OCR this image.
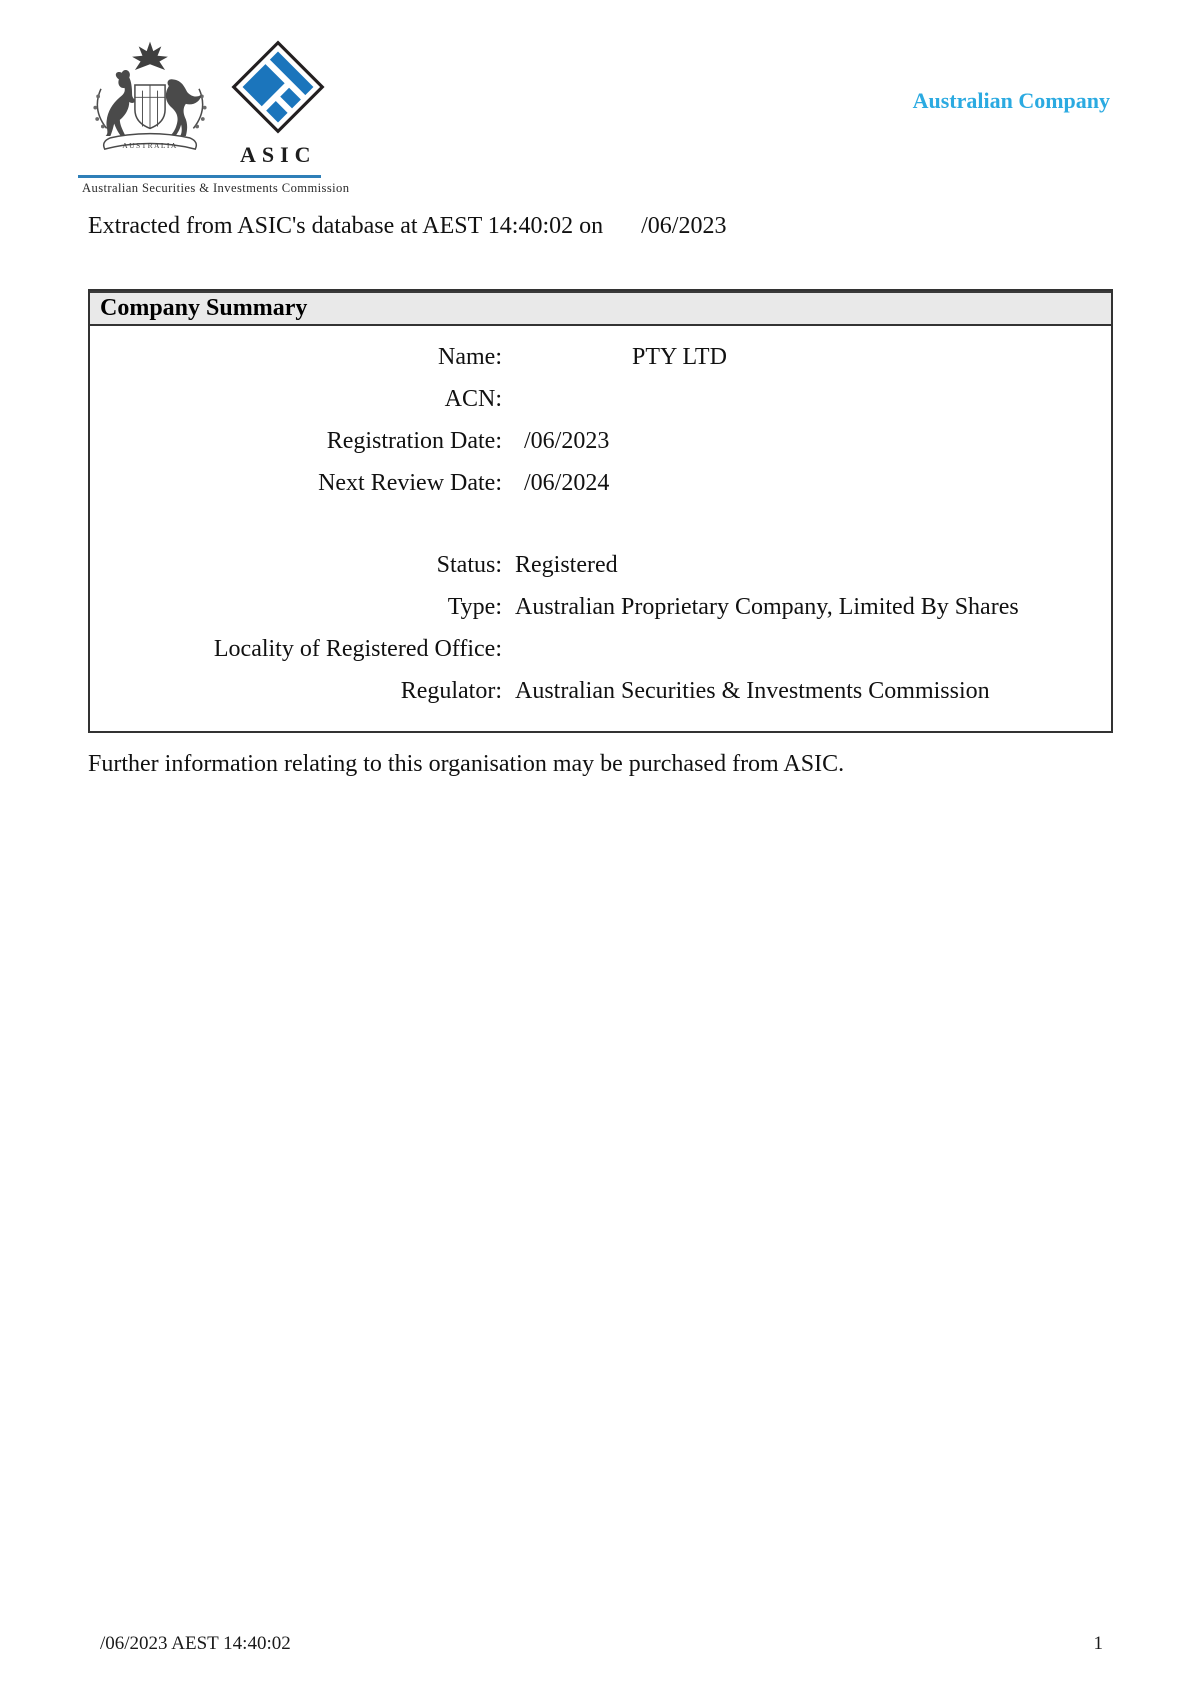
AUSTRALIA	ASIC
Australian Securities & Investments Commission
Australian Company
Extracted from ASIC's database at AEST 14:40:02 on /06/2023
Company Summary
Name:	PTY LTD
ACN:
Registration Date: /06/2023
Next Review Date: /06/2024
Status: Registered
Type: Australian Proprietary Company, Limited By Shares
Locality of Registered Office:
Regulator: Australian Securities & Investments Commission
Further information relating to this organisation may be purchased from ASIC.
/06/2023 AEST 14:40:02	1
